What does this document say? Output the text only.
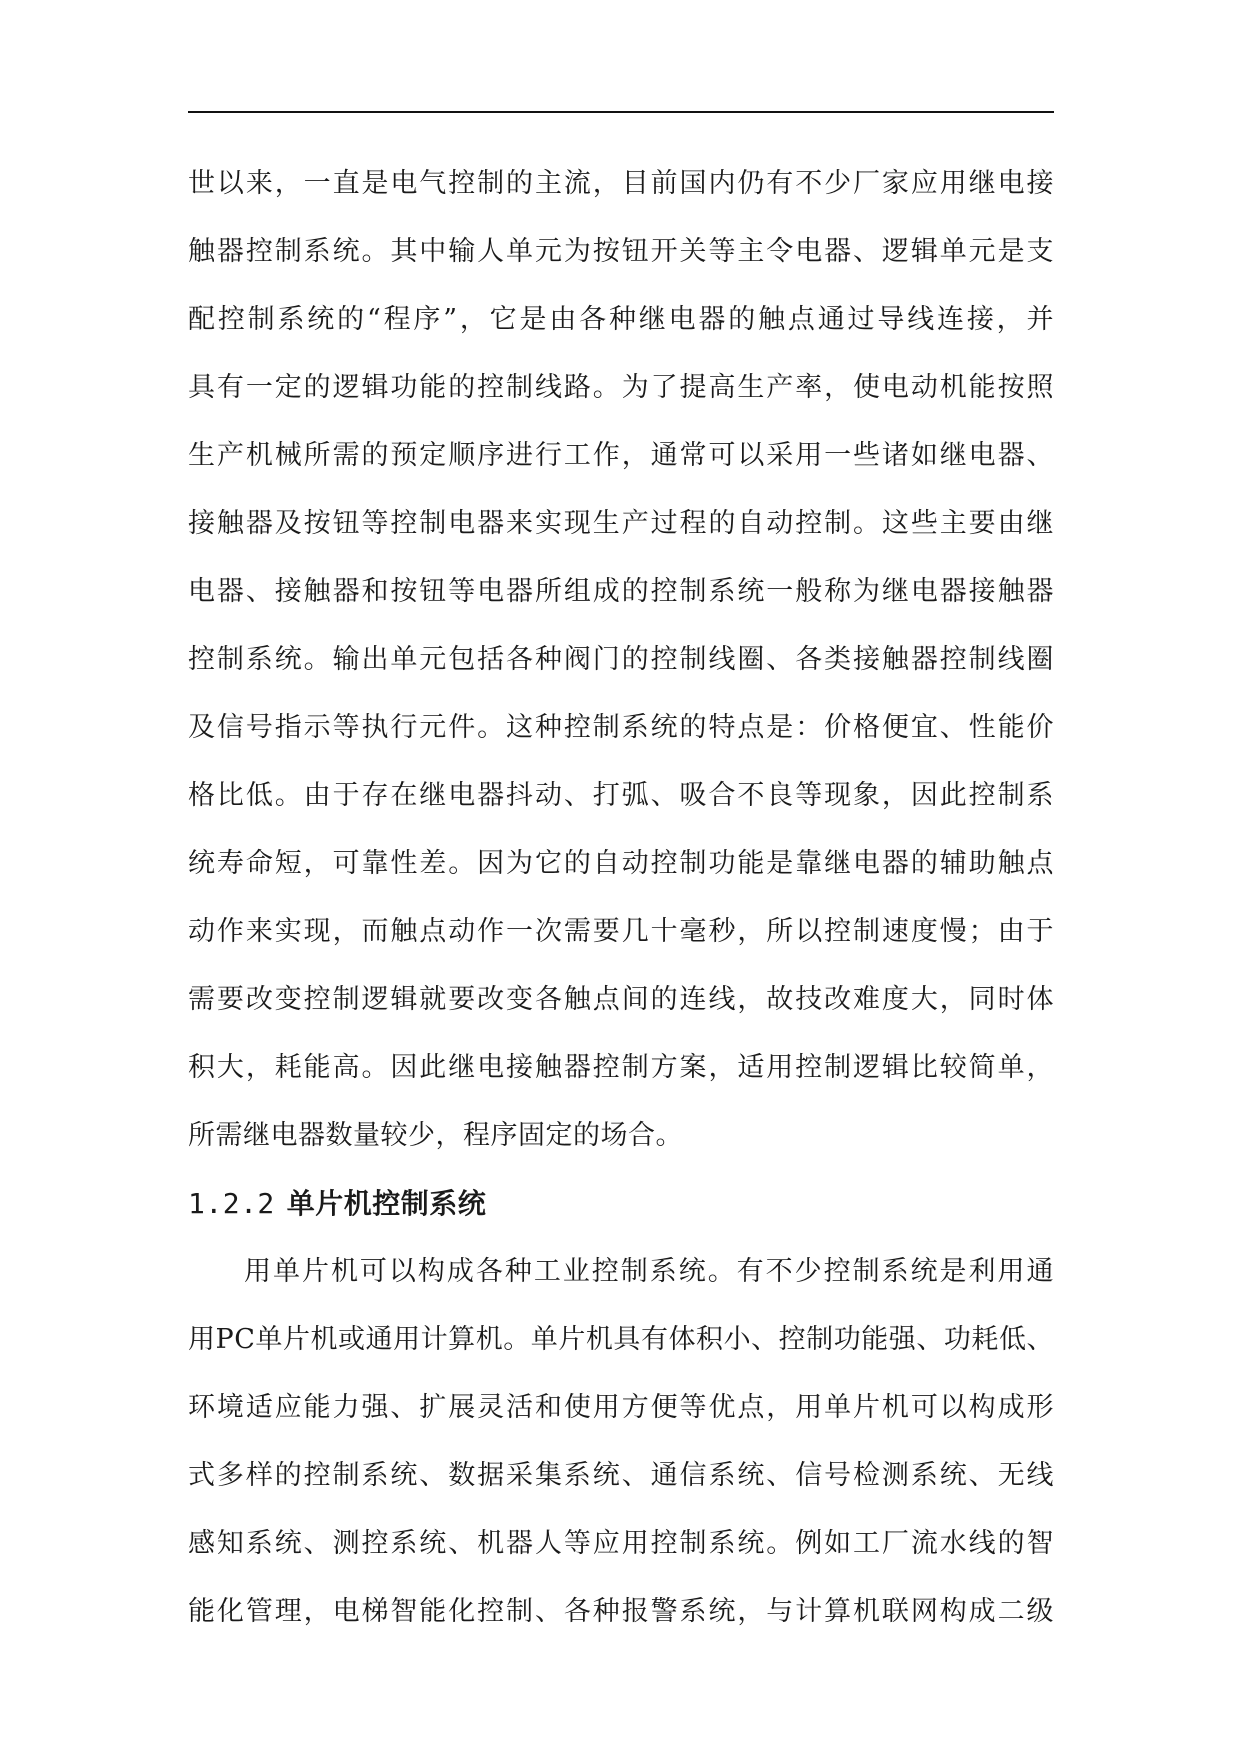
世以来，一直是电气控制的主流，目前国内仍有不少厂家应用继电接
触器控制系统。其中输人单元为按钮开关等主令电器、逻辑单元是支
配控制系统的“程序”，它是由各种继电器的触点通过导线连接，并
具有一定的逻辑功能的控制线路。为了提高生产率，使电动机能按照
生产机械所需的预定顺序进行工作，通常可以采用一些诸如继电器、
接触器及按钮等控制电器来实现生产过程的自动控制。这些主要由继
电器、接触器和按钮等电器所组成的控制系统一般称为继电器接触器
控制系统。输出单元包括各种阀门的控制线圈、各类接触器控制线圈
及信号指示等执行元件。这种控制系统的特点是：价格便宜、性能价
格比低。由于存在继电器抖动、打弧、吸合不良等现象，因此控制系
统寿命短，可靠性差。因为它的自动控制功能是靠继电器的辅助触点
动作来实现，而触点动作一次需要几十毫秒，所以控制速度慢；由于
需要改变控制逻辑就要改变各触点间的连线，故技改难度大，同时体
积大，耗能高。因此继电接触器控制方案，适用控制逻辑比较简单，
所需继电器数量较少，程序固定的场合。
1.2.2 单片机控制系统
用单片机可以构成各种工业控制系统。有不少控制系统是利用通
用PC单片机或通用计算机。单片机具有体积小、控制功能强、功耗低、
环境适应能力强、扩展灵活和使用方便等优点，用单片机可以构成形
式多样的控制系统、数据采集系统、通信系统、信号检测系统、无线
感知系统、测控系统、机器人等应用控制系统。例如工厂流水线的智
能化管理，电梯智能化控制、各种报警系统，与计算机联网构成二级
